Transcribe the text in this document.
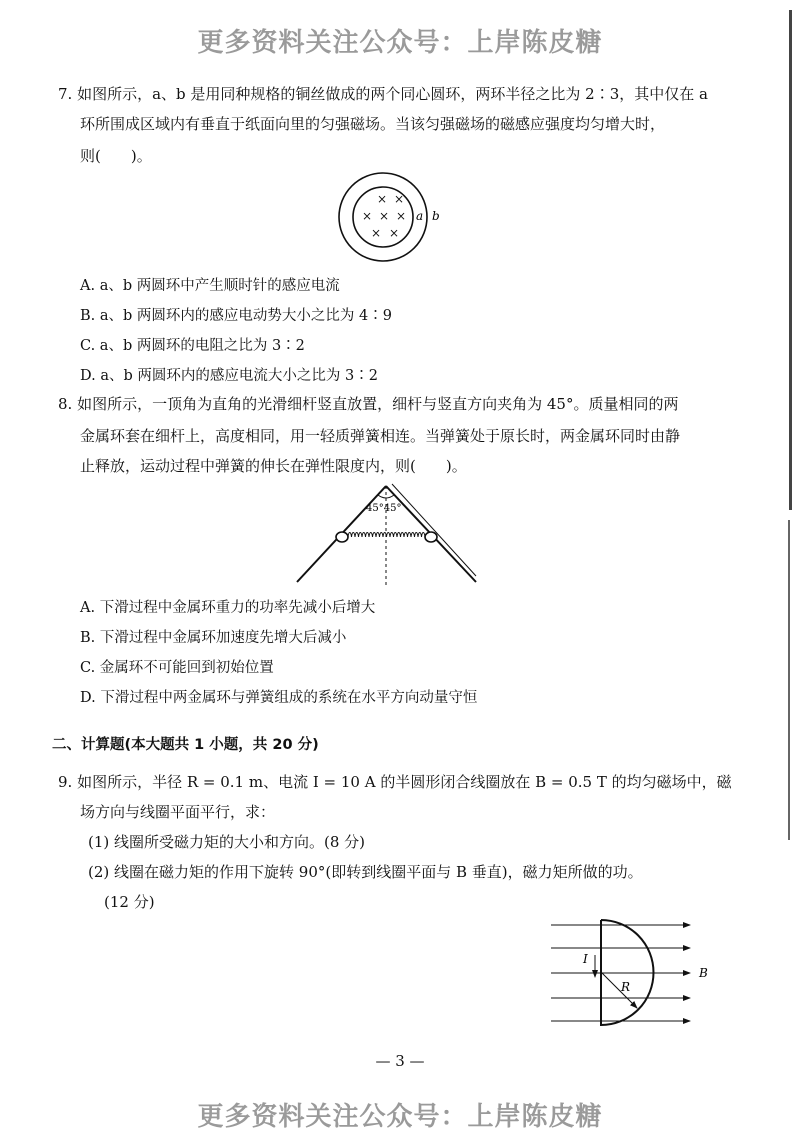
更多资料关注公众号：上岸陈皮糖
7. 如图所示，a、b 是用同种规格的铜丝做成的两个同心圆环，两环半径之比为 2∶3，其中仅在 a
环所围成区域内有垂直于纸面向里的匀强磁场。当该匀强磁场的磁感应强度均匀增大时，
则(　　)。
× ×
× × ×
× ×
a b
A. a、b 两圆环中产生顺时针的感应电流
B. a、b 两圆环内的感应电动势大小之比为 4∶9
C. a、b 两圆环的电阻之比为 3∶2
D. a、b 两圆环内的感应电流大小之比为 3∶2
8. 如图所示，一顶角为直角的光滑细杆竖直放置，细杆与竖直方向夹角为 45°。质量相同的两
金属环套在细杆上，高度相同，用一轻质弹簧相连。当弹簧处于原长时，两金属环同时由静
止释放，运动过程中弹簧的伸长在弹性限度内，则(　　)。
45°45°
A. 下滑过程中金属环重力的功率先减小后增大
B. 下滑过程中金属环加速度先增大后减小
C. 金属环不可能回到初始位置
D. 下滑过程中两金属环与弹簧组成的系统在水平方向动量守恒
二、计算题(本大题共 1 小题，共 20 分)
9. 如图所示，半径 R = 0.1 m、电流 I = 10 A 的半圆形闭合线圈放在 B = 0.5 T 的均匀磁场中，磁
场方向与线圈平面平行，求：
(1) 线圈所受磁力矩的大小和方向。(8 分)
(2) 线圈在磁力矩的作用下旋转 90°(即转到线圈平面与 B 垂直)，磁力矩所做的功。
(12 分)
I
R
B
— 3 —
更多资料关注公众号：上岸陈皮糖
